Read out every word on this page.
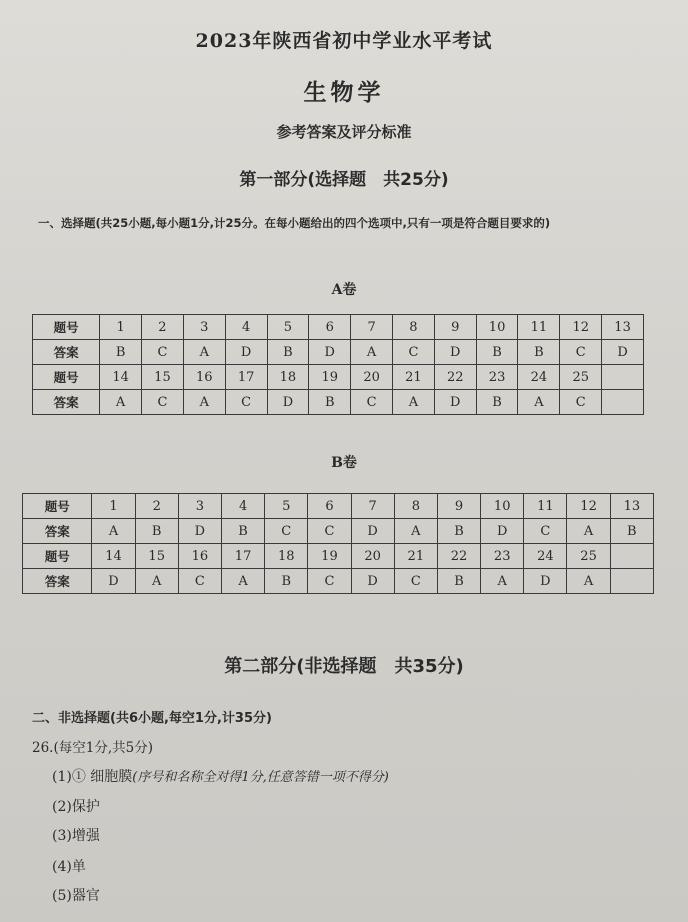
2023年陕西省初中学业水平考试
生物学
参考答案及评分标准
第一部分(选择题　共25分)
一、选择题(共25小题,每小题1分,计25分。在每小题给出的四个选项中,只有一项是符合题目要求的)
A卷
题号	1	2	3	4	5	6	7	8	9	10	11	12	13
答案	B	C	A	D	B	D	A	C	D	B	B	C	D
题号	14	15	16	17	18	19	20	21	22	23	24	25	
答案	A	C	A	C	D	B	C	A	D	B	A	C	
B卷
题号	1	2	3	4	5	6	7	8	9	10	11	12	13
答案	A	B	D	B	C	C	D	A	B	D	C	A	B
题号	14	15	16	17	18	19	20	21	22	23	24	25	
答案	D	A	C	A	B	C	D	C	B	A	D	A	
第二部分(非选择题　共35分)
二、非选择题(共6小题,每空1分,计35分)
26.(每空1分,共5分)
(1)① 细胞膜(序号和名称全对得1分,任意答错一项不得分)
(2)保护
(3)增强
(4)单
(5)器官
